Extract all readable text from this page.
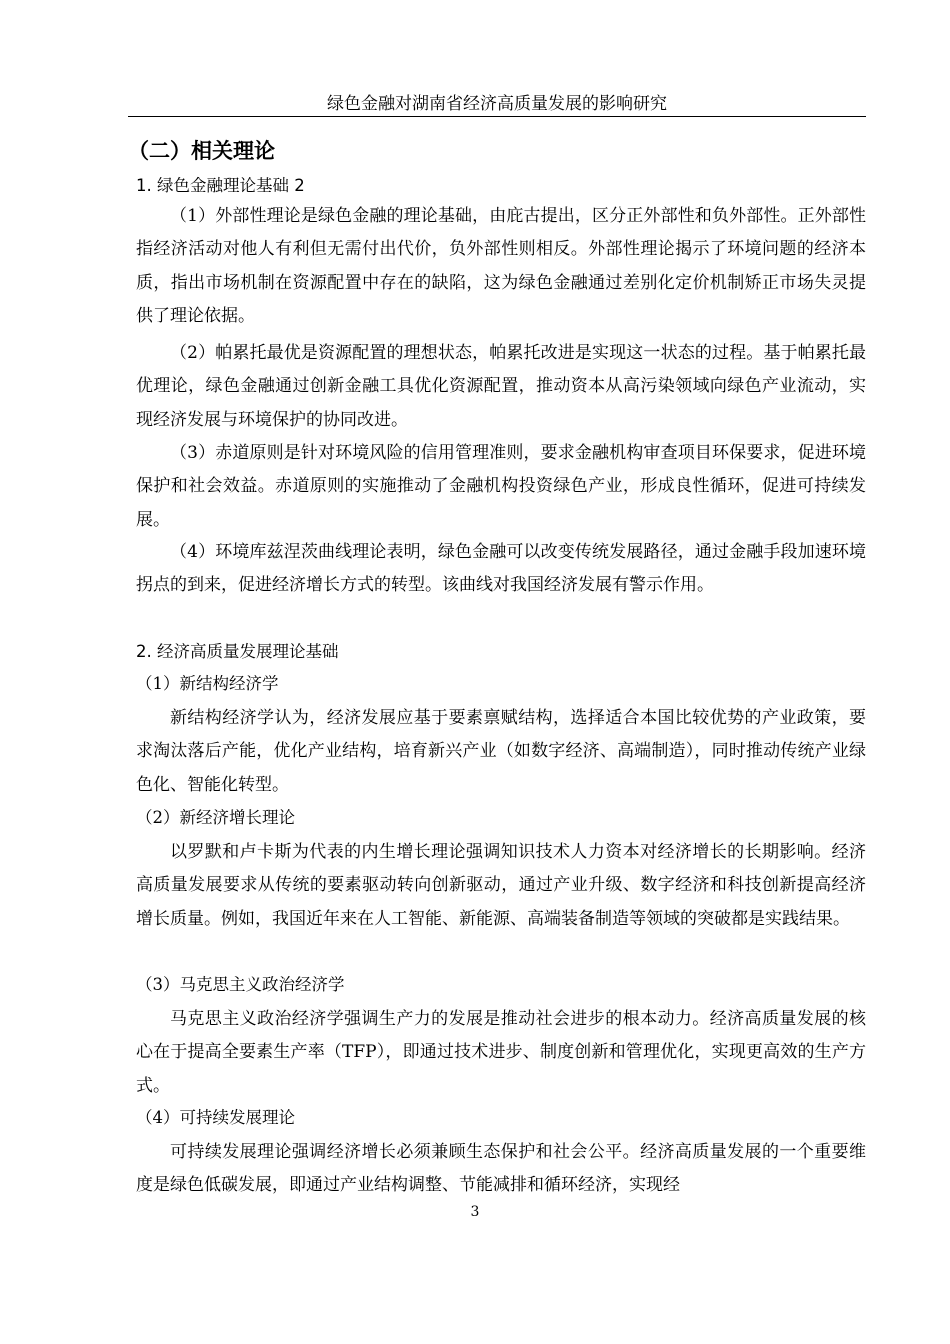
绿色金融对湖南省经济高质量发展的影响研究
（二）相关理论
1. 绿色金融理论基础 2
（1）外部性理论是绿色金融的理论基础，由庇古提出，区分正外部性和负外部性。正外部性指经济活动对他人有利但无需付出代价，负外部性则相反。外部性理论揭示了环境问题的经济本质，指出市场机制在资源配置中存在的缺陷，这为绿色金融通过差别化定价机制矫正市场失灵提供了理论依据。
（2）帕累托最优是资源配置的理想状态，帕累托改进是实现这一状态的过程。基于帕累托最优理论，绿色金融通过创新金融工具优化资源配置，推动资本从高污染领域向绿色产业流动，实现经济发展与环境保护的协同改进。
（3）赤道原则是针对环境风险的信用管理准则，要求金融机构审查项目环保要求，促进环境保护和社会效益。赤道原则的实施推动了金融机构投资绿色产业，形成良性循环，促进可持续发展。
（4）环境库兹涅茨曲线理论表明，绿色金融可以改变传统发展路径，通过金融手段加速环境拐点的到来，促进经济增长方式的转型。该曲线对我国经济发展有警示作用。
2. 经济高质量发展理论基础
（1）新结构经济学
新结构经济学认为，经济发展应基于要素禀赋结构，选择适合本国比较优势的产业政策，要求淘汰落后产能，优化产业结构，培育新兴产业（如数字经济、高端制造），同时推动传统产业绿色化、智能化转型。
（2）新经济增长理论
以罗默和卢卡斯为代表的内生增长理论强调知识技术人力资本对经济增长的长期影响。经济高质量发展要求从传统的要素驱动转向创新驱动，通过产业升级、数字经济和科技创新提高经济增长质量。例如，我国近年来在人工智能、新能源、高端装备制造等领域的突破都是实践结果。
（3）马克思主义政治经济学
马克思主义政治经济学强调生产力的发展是推动社会进步的根本动力。经济高质量发展的核心在于提高全要素生产率（TFP），即通过技术进步、制度创新和管理优化，实现更高效的生产方式。
（4）可持续发展理论
可持续发展理论强调经济增长必须兼顾生态保护和社会公平。经济高质量发展的一个重要维度是绿色低碳发展，即通过产业结构调整、节能减排和循环经济，实现经
3
